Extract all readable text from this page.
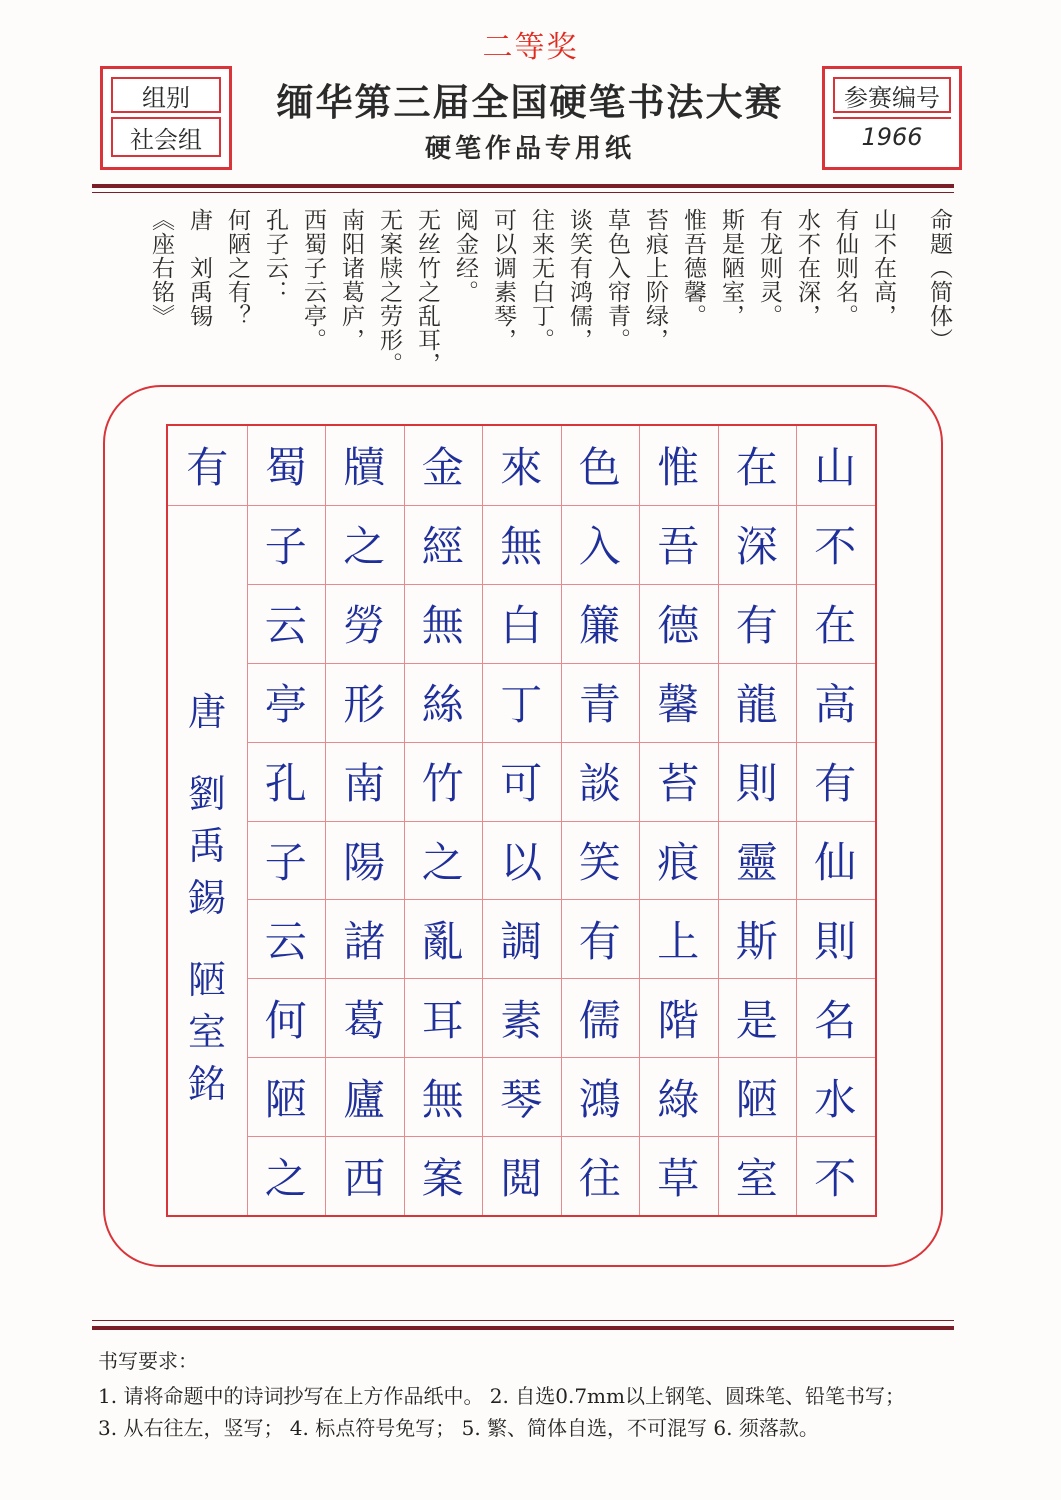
二等奖
组别
社会组
参赛编号
1966
缅华第三届全国硬笔书法大赛
硬笔作品专用纸
命题（简体）
山不在高，
有仙则名。
水不在深，
有龙则灵。
斯是陋室，
惟吾德馨。
苔痕上阶绿，
草色入帘青。
谈笑有鸿儒，
往来无白丁。
可以调素琴，
阅金经。
无丝竹之乱耳，
无案牍之劳形。
南阳诸葛庐，
西蜀子云亭。
孔子云：
何陋之有？
唐　刘禹锡
《座右铭》
山
不
在
高
有
仙
則
名
水
不
在
深
有
龍
則
靈
斯
是
陋
室
惟
吾
德
馨
苔
痕
上
階
綠
草
色
入
簾
青
談
笑
有
儒
鴻
往
來
無
白
丁
可
以
調
素
琴
閲
金
經
無
絲
竹
之
亂
耳
無
案
牘
之
勞
形
南
陽
諸
葛
廬
西
蜀
子
云
亭
孔
子
云
何
陋
之
有
唐
劉
禹
錫
陋
室
銘
书写要求：
1. 请将命题中的诗词抄写在上方作品纸中。 2. 自选0.7mm以上钢笔、圆珠笔、铅笔书写；
3. 从右往左，竖写； 4. 标点符号免写； 5. 繁、简体自选，不可混写 6. 须落款。
